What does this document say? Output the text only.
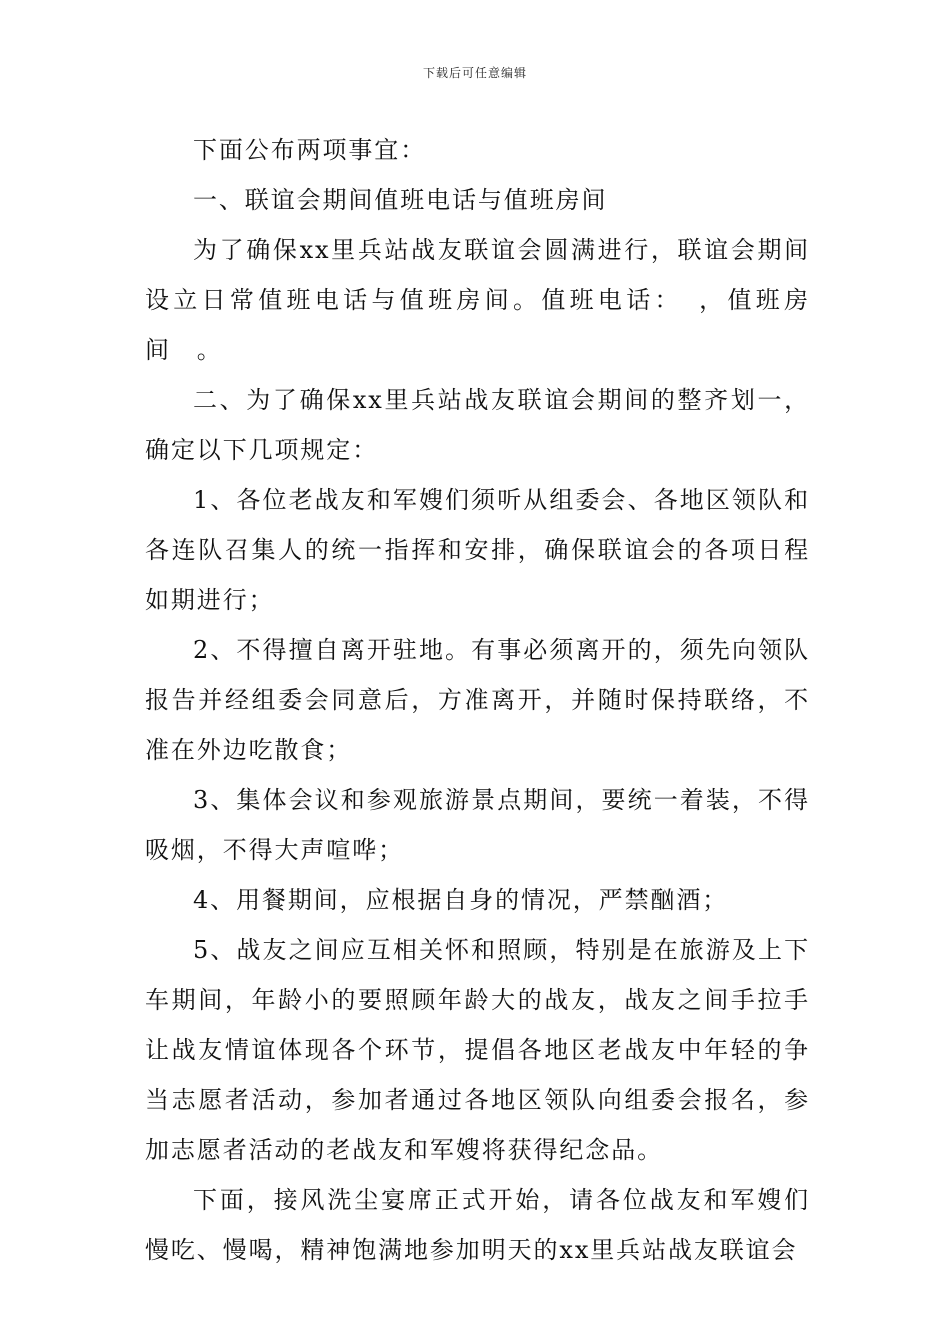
下载后可任意编辑

下面公布两项事宜：

一、联谊会期间值班电话与值班房间

为了确保xx里兵站战友联谊会圆满进行，联谊会期间设立日常值班电话与值班房间。值班电话：　，值班房间　。

二、为了确保xx里兵站战友联谊会期间的整齐划一，确定以下几项规定：

1、各位老战友和军嫂们须听从组委会、各地区领队和各连队召集人的统一指挥和安排，确保联谊会的各项日程如期进行；

2、不得擅自离开驻地。有事必须离开的，须先向领队报告并经组委会同意后，方准离开，并随时保持联络，不准在外边吃散食；

3、集体会议和参观旅游景点期间，要统一着装，不得吸烟，不得大声喧哗；

4、用餐期间，应根据自身的情况，严禁酗酒；

5、战友之间应互相关怀和照顾，特别是在旅游及上下车期间，年龄小的要照顾年龄大的战友，战友之间手拉手让战友情谊体现各个环节，提倡各地区老战友中年轻的争当志愿者活动，参加者通过各地区领队向组委会报名，参加志愿者活动的老战友和军嫂将获得纪念品。

下面，接风洗尘宴席正式开始，请各位战友和军嫂们慢吃、慢喝，精神饱满地参加明天的xx里兵站战友联谊会
